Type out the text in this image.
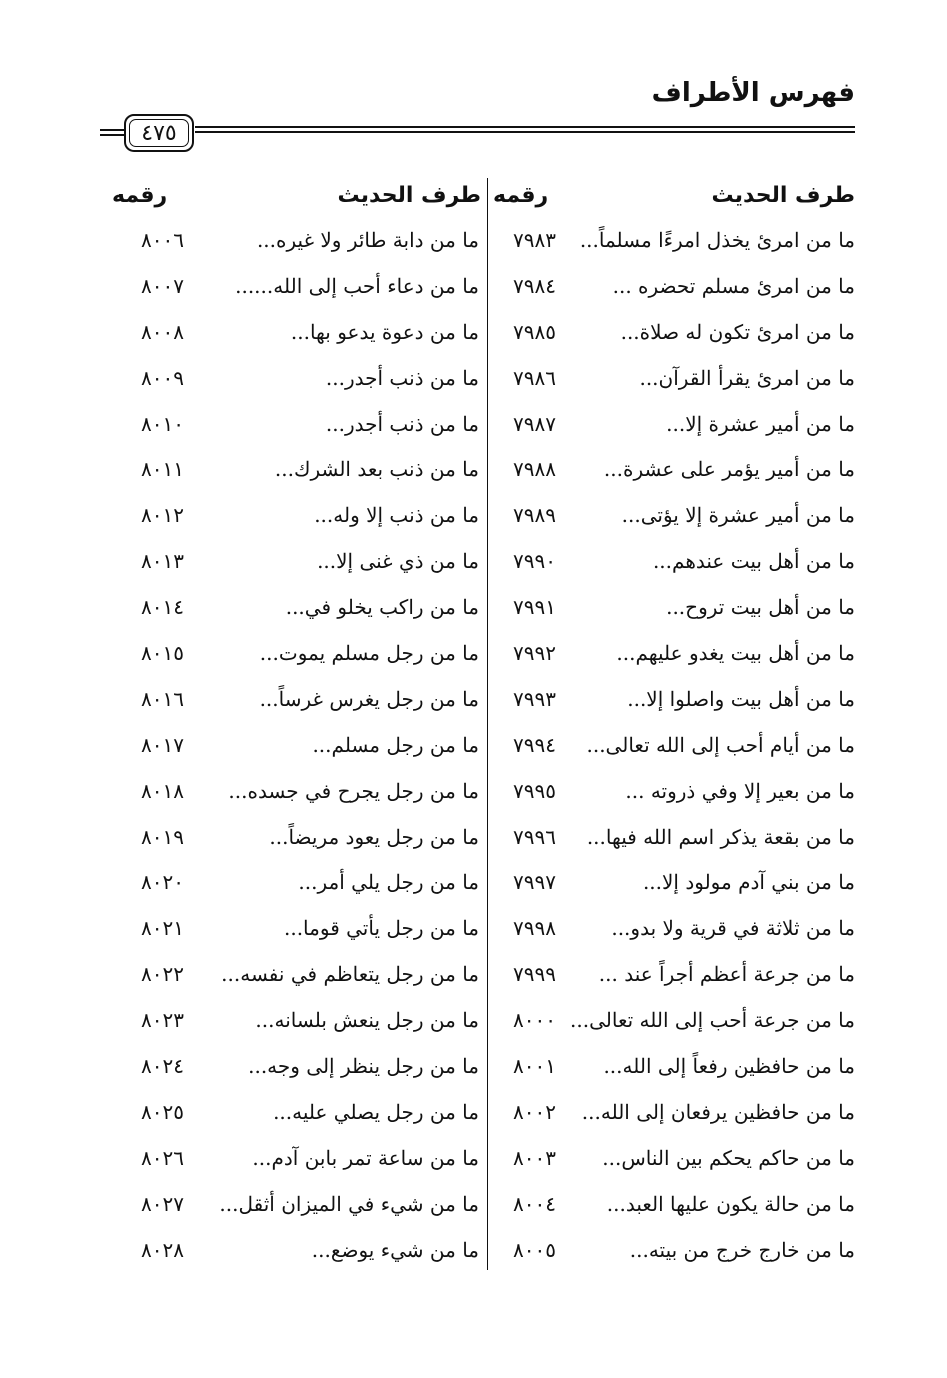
فهرس الأطراف
٤٧٥
طرف الحديث
رقمه
طرف الحديث
رقمه
ما من امرئ يخذل امرءًا مسلماً...
٧٩٨٣
ما من دابة طائر ولا غيره...
٨٠٠٦
ما من امرئ مسلم تحضره ...
٧٩٨٤
ما من دعاء أحب إلى الله......
٨٠٠٧
ما من امرئ تكون له صلاة...
٧٩٨٥
ما من دعوة يدعو بها...
٨٠٠٨
ما من امرئ يقرأ القرآن...
٧٩٨٦
ما من ذنب أجدر...
٨٠٠٩
ما من أمير عشرة إلا...
٧٩٨٧
ما من ذنب أجدر...
٨٠١٠
ما من أمير يؤمر على عشرة...
٧٩٨٨
ما من ذنب بعد الشرك...
٨٠١١
ما من أمير عشرة إلا يؤتى...
٧٩٨٩
ما من ذنب إلا وله...
٨٠١٢
ما من أهل بيت عندهم...
٧٩٩٠
ما من ذي غنى إلا...
٨٠١٣
ما من أهل بيت تروح...
٧٩٩١
ما من راكب يخلو في...
٨٠١٤
ما من أهل بيت يغدو عليهم...
٧٩٩٢
ما من رجل مسلم يموت...
٨٠١٥
ما من أهل بيت واصلوا إلا...
٧٩٩٣
ما من رجل يغرس غرساً...
٨٠١٦
ما من أيام أحب إلى الله تعالى...
٧٩٩٤
ما من رجل مسلم...
٨٠١٧
ما من بعير إلا وفي ذروته ...
٧٩٩٥
ما من رجل يجرح في جسده...
٨٠١٨
ما من بقعة يذكر اسم الله فيها...
٧٩٩٦
ما من رجل يعود مريضاً...
٨٠١٩
ما من بني آدم مولود إلا...
٧٩٩٧
ما من رجل يلي أمر...
٨٠٢٠
ما من ثلاثة في قرية ولا بدو...
٧٩٩٨
ما من رجل يأتي قوما...
٨٠٢١
ما من جرعة أعظم أجراً عند ...
٧٩٩٩
ما من رجل يتعاظم في نفسه...
٨٠٢٢
ما من جرعة أحب إلى الله تعالى...
٨٠٠٠
ما من رجل ينعش بلسانه...
٨٠٢٣
ما من حافظين رفعاً إلى الله...
٨٠٠١
ما من رجل ينظر إلى وجه...
٨٠٢٤
ما من حافظين يرفعان إلى الله...
٨٠٠٢
ما من رجل يصلي عليه...
٨٠٢٥
ما من حاكم يحكم بين الناس...
٨٠٠٣
ما من ساعة تمر بابن آدم...
٨٠٢٦
ما من حالة يكون عليها العبد...
٨٠٠٤
ما من شيء في الميزان أثقل...
٨٠٢٧
ما من خارج خرج من بيته...
٨٠٠٥
ما من شيء يوضع...
٨٠٢٨
